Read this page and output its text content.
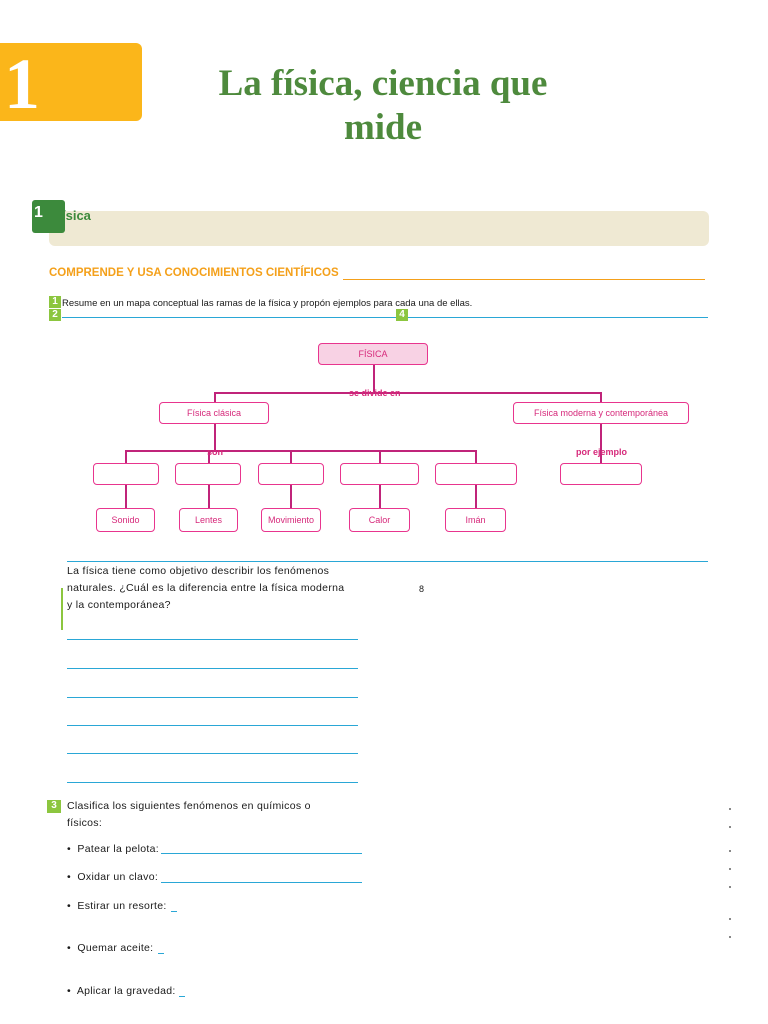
1	La física, ciencia que
mide
1	ísica
COMPRENDE Y USA CONOCIMIENTOS CIENTÍFICOS
1
2
Resume en un mapa conceptual las ramas de la física y propón ejemplos para cada una de ellas.
4
FÍSICA
se divide en
Física clásica	Física moderna y contemporánea
son	por ejemplo
Sonido	Lentes	Movimiento	Calor	Imán
La física tiene como objetivo describir los fenómenos
naturales. ¿Cuál es la diferencia entre la física moderna
y la contemporánea?
8
3 Clasifica los siguientes fenómenos en químicos o
físicos:
•  Patear la pelota:
•  Oxidar un clavo:
•  Estirar un resorte:
•  Quemar aceite:
•  Aplicar la gravedad:
